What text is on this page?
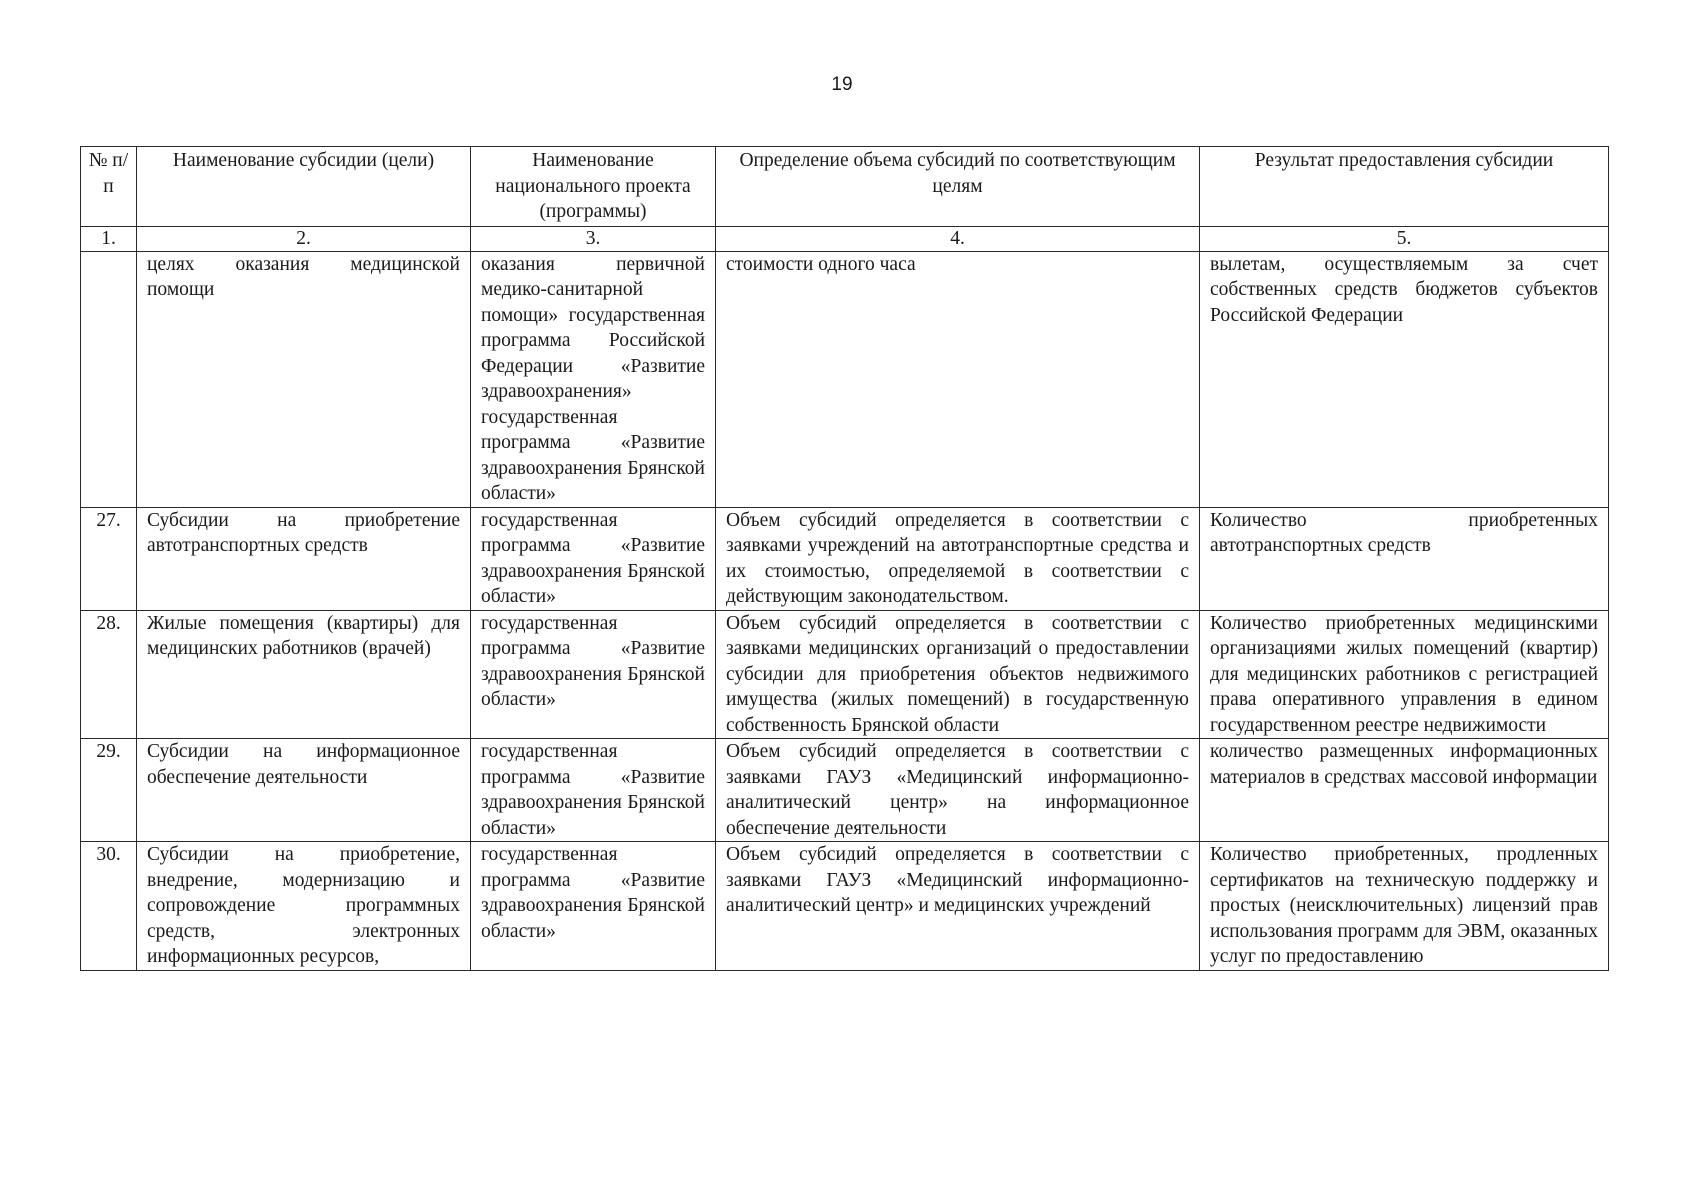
19
№ п/п	Наименование субсидии (цели)	Наименование национального проекта (программы)	Определение объема субсидий по соответствующим целям	Результат предоставления субсидии
1.	2.	3.	4.	5.
	целях оказания медицинской помощи	оказания первичной медико-санитарной помощи» государственная программа Российской Федерации «Развитие здравоохранения» государственная программа «Развитие здравоохранения Брянской области»	стоимости одного часа	вылетам, осуществляемым за счет собственных средств бюджетов субъектов Российской Федерации
27.	Субсидии на приобретение автотранспортных средств	государственная программа «Развитие здравоохранения Брянской области»	Объем субсидий определяется в соответствии с заявками учреждений на автотранспортные средства и их стоимостью, определяемой в соответствии с действующим законодательством.	Количество приобретенных автотранспортных средств
28.	Жилые помещения (квартиры) для медицинских работников (врачей)	государственная программа «Развитие здравоохранения Брянской области»	Объем субсидий определяется в соответствии с заявками медицинских организаций о предоставлении субсидии для приобретения объектов недвижимого имущества (жилых помещений) в государственную собственность Брянской области	Количество приобретенных медицинскими организациями жилых помещений (квартир) для медицинских работников с регистрацией права оперативного управления в едином государственном реестре недвижимости
29.	Субсидии на информационное обеспечение деятельности	государственная программа «Развитие здравоохранения Брянской области»	Объем субсидий определяется в соответствии с заявками ГАУЗ «Медицинский информационно-аналитический центр» на информационное обеспечение деятельности	количество размещенных информационных материалов в средствах массовой информации
30.	Субсидии на приобретение, внедрение, модернизацию и сопровождение программных средств, электронных информационных ресурсов,	государственная программа «Развитие здравоохранения Брянской области»	Объем субсидий определяется в соответствии с заявками ГАУЗ «Медицинский информационно-аналитический центр» и медицинских учреждений	Количество приобретенных, продленных сертификатов на техническую поддержку и простых (неисключительных) лицензий прав использования программ для ЭВМ, оказанных услуг по предоставлению
